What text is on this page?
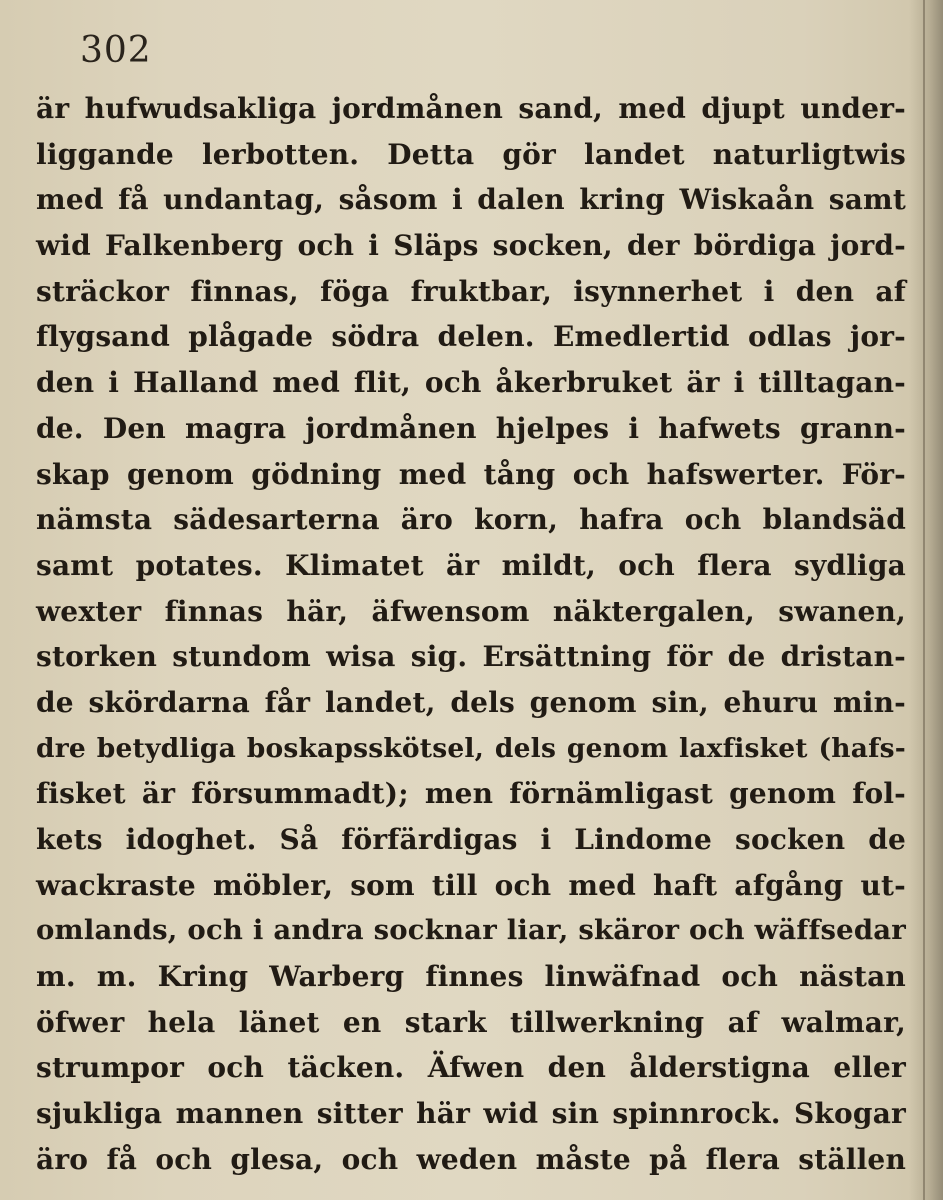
302
är hufwudsakliga jordmånen sand, med djupt under-
liggande lerbotten. Detta gör landet naturligtwis
med få undantag, såsom i dalen kring Wiskaån samt
wid Falkenberg och i Släps socken, der bördiga jord-
sträckor finnas, föga fruktbar, isynnerhet i den af
flygsand plågade södra delen. Emedlertid odlas jor-
den i Halland med flit, och åkerbruket är i tilltagan-
de. Den magra jordmånen hjelpes i hafwets grann-
skap genom gödning med tång och hafswerter. För-
nämsta sädesarterna äro korn, hafra och blandsäd
samt potates. Klimatet är mildt, och flera sydliga
wexter finnas här, äfwensom näktergalen, swanen,
storken stundom wisa sig. Ersättning för de dristan-
de skördarna får landet, dels genom sin, ehuru min-
dre betydliga boskapsskötsel, dels genom laxfisket (hafs-
fisket är försummadt); men förnämligast genom fol-
kets idoghet. Så förfärdigas i Lindome socken de
wackraste möbler, som till och med haft afgång ut-
omlands, och i andra socknar liar, skäror och wäffsedar
m. m. Kring Warberg finnes linwäfnad och nästan
öfwer hela länet en stark tillwerkning af walmar,
strumpor och täcken. Äfwen den ålderstigna eller
sjukliga mannen sitter här wid sin spinnrock. Skogar
äro få och glesa, och weden måste på flera ställen
